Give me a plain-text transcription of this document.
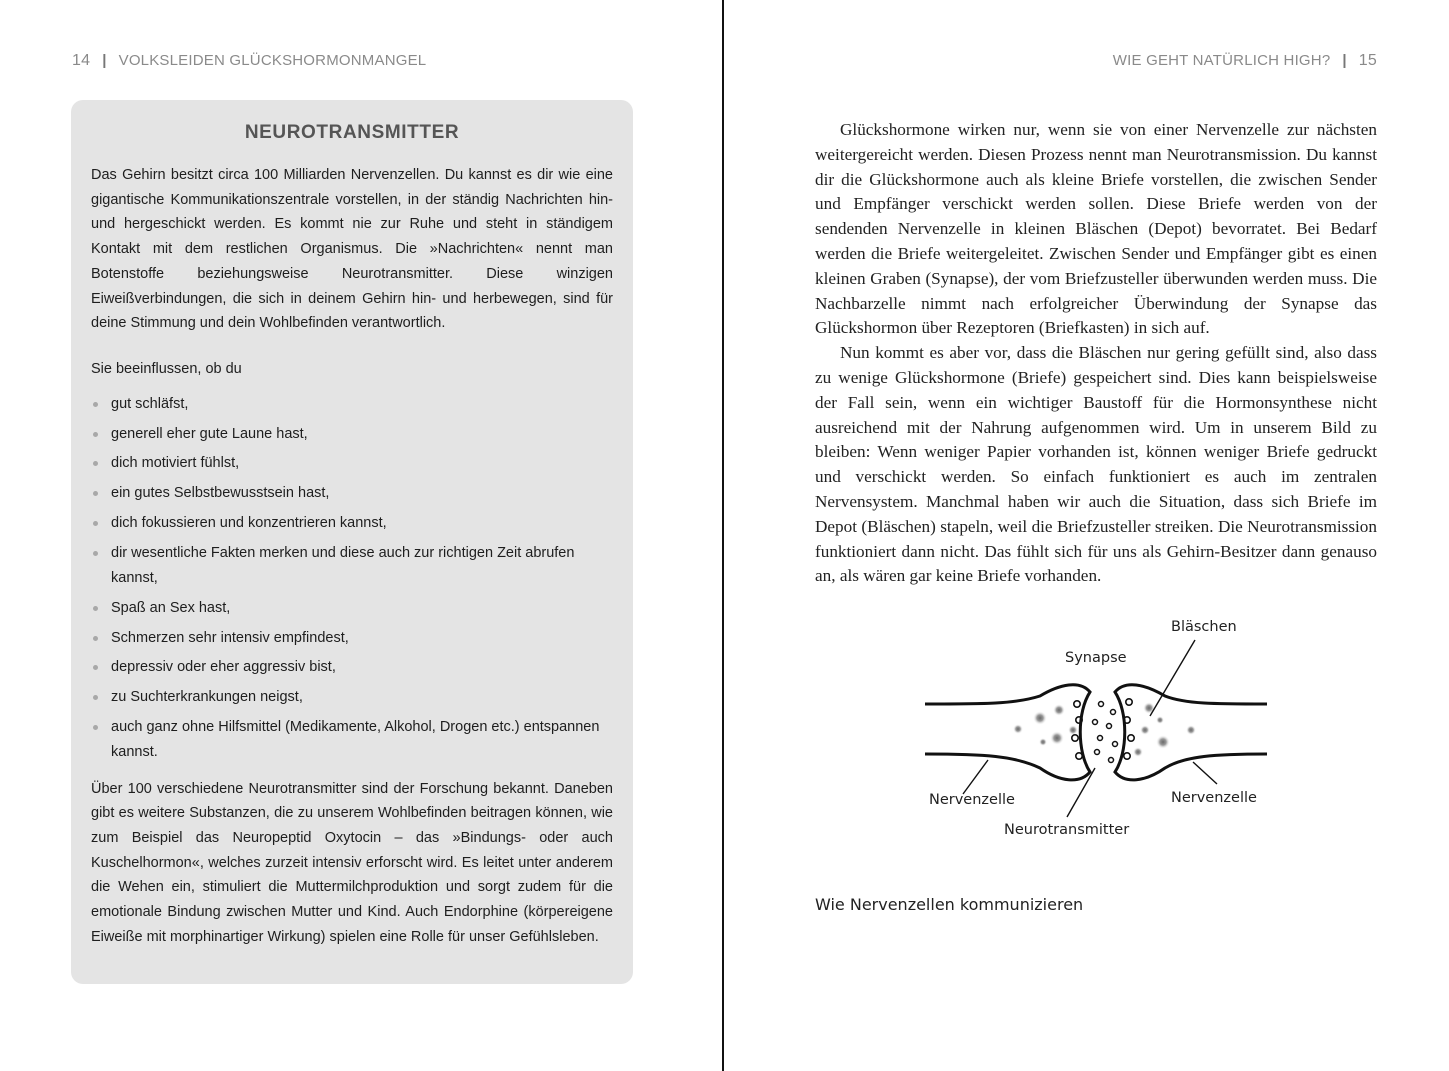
14 | VOLKSLEIDEN GLÜCKSHORMONMANGEL
NEUROTRANSMITTER

Das Gehirn besitzt circa 100 Milliarden Nervenzellen. Du kannst es dir wie eine gigantische Kommunikationszentrale vorstellen, in der ständig Nachrichten hin- und hergeschickt werden. Es kommt nie zur Ruhe und steht in ständigem Kontakt mit dem restlichen Organismus. Die »Nachrichten« nennt man Botenstoffe beziehungsweise Neurotransmitter. Diese winzigen Eiweißverbindungen, die sich in deinem Gehirn hin- und herbewegen, sind für deine Stimmung und dein Wohlbefinden verantwortlich.

Sie beeinflussen, ob du

gut schläfst,
generell eher gute Laune hast,
dich motiviert fühlst,
ein gutes Selbstbewusstsein hast,
dich fokussieren und konzentrieren kannst,
dir wesentliche Fakten merken und diese auch zur richtigen Zeit abrufen kannst,
Spaß an Sex hast,
Schmerzen sehr intensiv empfindest,
depressiv oder eher aggressiv bist,
zu Suchterkrankungen neigst,
auch ganz ohne Hilfsmittel (Medikamente, Alkohol, Drogen etc.) entspannen kannst.

Über 100 verschiedene Neurotransmitter sind der Forschung bekannt. Daneben gibt es weitere Substanzen, die zu unserem Wohlbefinden beitragen können, wie zum Beispiel das Neuropeptid Oxytocin – das »Bindungs- oder auch Kuschelhormon«, welches zurzeit intensiv erforscht wird. Es leitet unter anderem die Wehen ein, stimuliert die Muttermilchproduktion und sorgt zudem für die emotionale Bindung zwischen Mutter und Kind. Auch Endorphine (körpereigene Eiweiße mit morphinartiger Wirkung) spielen eine Rolle für unser Gefühlsleben.

WIE GEHT NATÜRLICH HIGH? | 15

Glückshormone wirken nur, wenn sie von einer Nervenzelle zur nächsten weitergereicht werden. Diesen Prozess nennt man Neurotransmission. Du kannst dir die Glückshormone auch als kleine Briefe vorstellen, die zwischen Sender und Empfänger verschickt werden sollen. Diese Briefe werden von der sendenden Nervenzelle in kleinen Bläschen (Depot) bevorratet. Bei Bedarf werden die Briefe weitergeleitet. Zwischen Sender und Empfänger gibt es einen kleinen Graben (Synapse), der vom Briefzusteller überwunden werden muss. Die Nachbarzelle nimmt nach erfolgreicher Überwindung der Synapse das Glückshormon über Rezeptoren (Briefkasten) in sich auf.

Nun kommt es aber vor, dass die Bläschen nur gering gefüllt sind, also dass zu wenige Glückshormone (Briefe) gespeichert sind. Dies kann beispielsweise der Fall sein, wenn ein wichtiger Baustoff für die Hormonsynthese nicht ausreichend mit der Nahrung aufgenommen wird. Um in unserem Bild zu bleiben: Wenn weniger Papier vorhanden ist, können weniger Briefe gedruckt und verschickt werden. So einfach funktioniert es auch im zentralen Nervensystem. Manchmal haben wir auch die Situation, dass sich Briefe im Depot (Bläschen) stapeln, weil die Briefzusteller streiken. Die Neurotransmission funktioniert dann nicht. Das fühlt sich für uns als Gehirn-Besitzer dann genauso an, als wären gar keine Briefe vorhanden.

Bläschen
Synapse
Nervenzelle	Nervenzelle
Neurotransmitter
Wie Nervenzellen kommunizieren
